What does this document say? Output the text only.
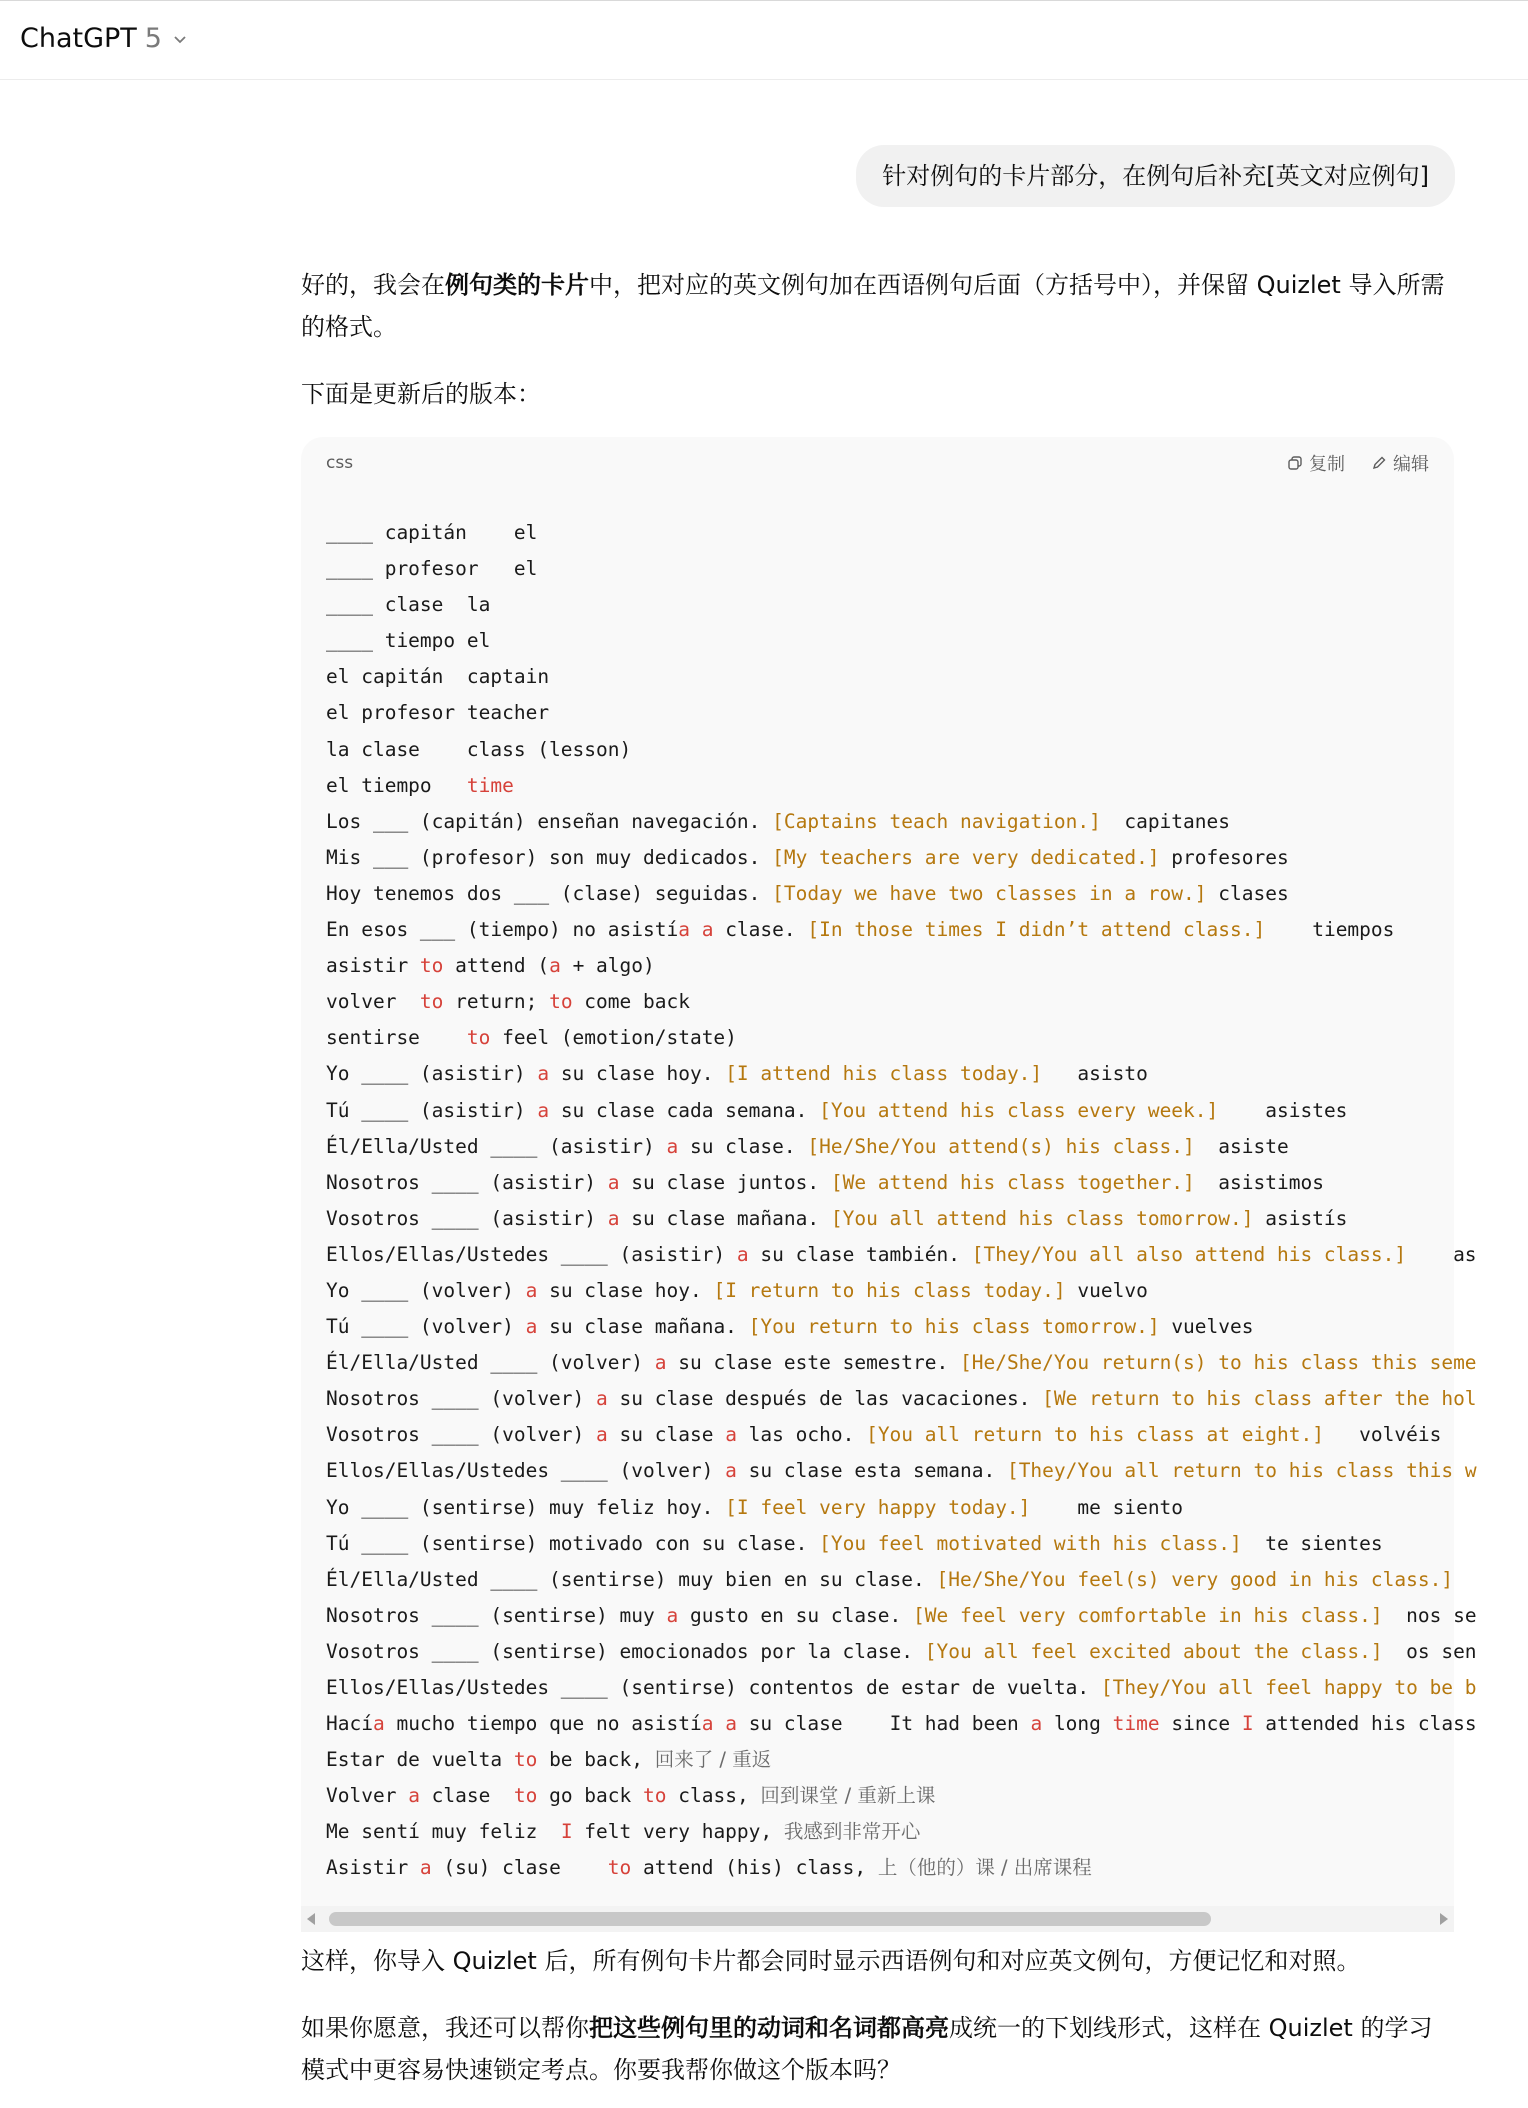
ChatGPT 5
针对例句的卡片部分，在例句后补充[英文对应例句]

好的，我会在例句类的卡片中，把对应的英文例句加在西语例句后面（方括号中），并保留 Quizlet 导入所需的格式。

下面是更新后的版本：
css	复制	编辑
____ capitán    el
____ profesor   el
____ clase  la
____ tiempo el
el capitán  captain
el profesor teacher
la clase    class (lesson)
el tiempo   time
Los ___ (capitán) enseñan navegación. [Captains teach navigation.]  capitanes
Mis ___ (profesor) son muy dedicados. [My teachers are very dedicated.] profesores
Hoy tenemos dos ___ (clase) seguidas. [Today we have two classes in a row.] clases
En esos ___ (tiempo) no asistía a clase. [In those times I didn’t attend class.]    tiempos
asistir to attend (a + algo)
volver  to return; to come back
sentirse    to feel (emotion/state)
Yo ____ (asistir) a su clase hoy. [I attend his class today.]   asisto
Tú ____ (asistir) a su clase cada semana. [You attend his class every week.]    asistes
Él/Ella/Usted ____ (asistir) a su clase. [He/She/You attend(s) his class.]  asiste
Nosotros ____ (asistir) a su clase juntos. [We attend his class together.]  asistimos
Vosotros ____ (asistir) a su clase mañana. [You all attend his class tomorrow.] asistís
Ellos/Ellas/Ustedes ____ (asistir) a su clase también. [They/You all also attend his class.]    as
Yo ____ (volver) a su clase hoy. [I return to his class today.] vuelvo
Tú ____ (volver) a su clase mañana. [You return to his class tomorrow.] vuelves
Él/Ella/Usted ____ (volver) a su clase este semestre. [He/She/You return(s) to his class this seme
Nosotros ____ (volver) a su clase después de las vacaciones. [We return to his class after the hol
Vosotros ____ (volver) a su clase a las ocho. [You all return to his class at eight.]   volvéis
Ellos/Ellas/Ustedes ____ (volver) a su clase esta semana. [They/You all return to his class this w
Yo ____ (sentirse) muy feliz hoy. [I feel very happy today.]    me siento
Tú ____ (sentirse) motivado con su clase. [You feel motivated with his class.]  te sientes
Él/Ella/Usted ____ (sentirse) muy bien en su clase. [He/She/You feel(s) very good in his class.]
Nosotros ____ (sentirse) muy a gusto en su clase. [We feel very comfortable in his class.]  nos se
Vosotros ____ (sentirse) emocionados por la clase. [You all feel excited about the class.]  os sen
Ellos/Ellas/Ustedes ____ (sentirse) contentos de estar de vuelta. [They/You all feel happy to be b
Hacía mucho tiempo que no asistía a su clase    It had been a long time since I attended his class
Estar de vuelta to be back, 回来了 / 重返
Volver a clase  to go back to class, 回到课堂 / 重新上课
Me sentí muy feliz  I felt very happy, 我感到非常开心
Asistir a (su) clase    to attend (his) class, 上（他的）课 / 出席课程

这样，你导入 Quizlet 后，所有例句卡片都会同时显示西语例句和对应英文例句，方便记忆和对照。

如果你愿意，我还可以帮你把这些例句里的动词和名词都高亮成统一的下划线形式，这样在 Quizlet 的学习模式中更容易快速锁定考点。你要我帮你做这个版本吗？
